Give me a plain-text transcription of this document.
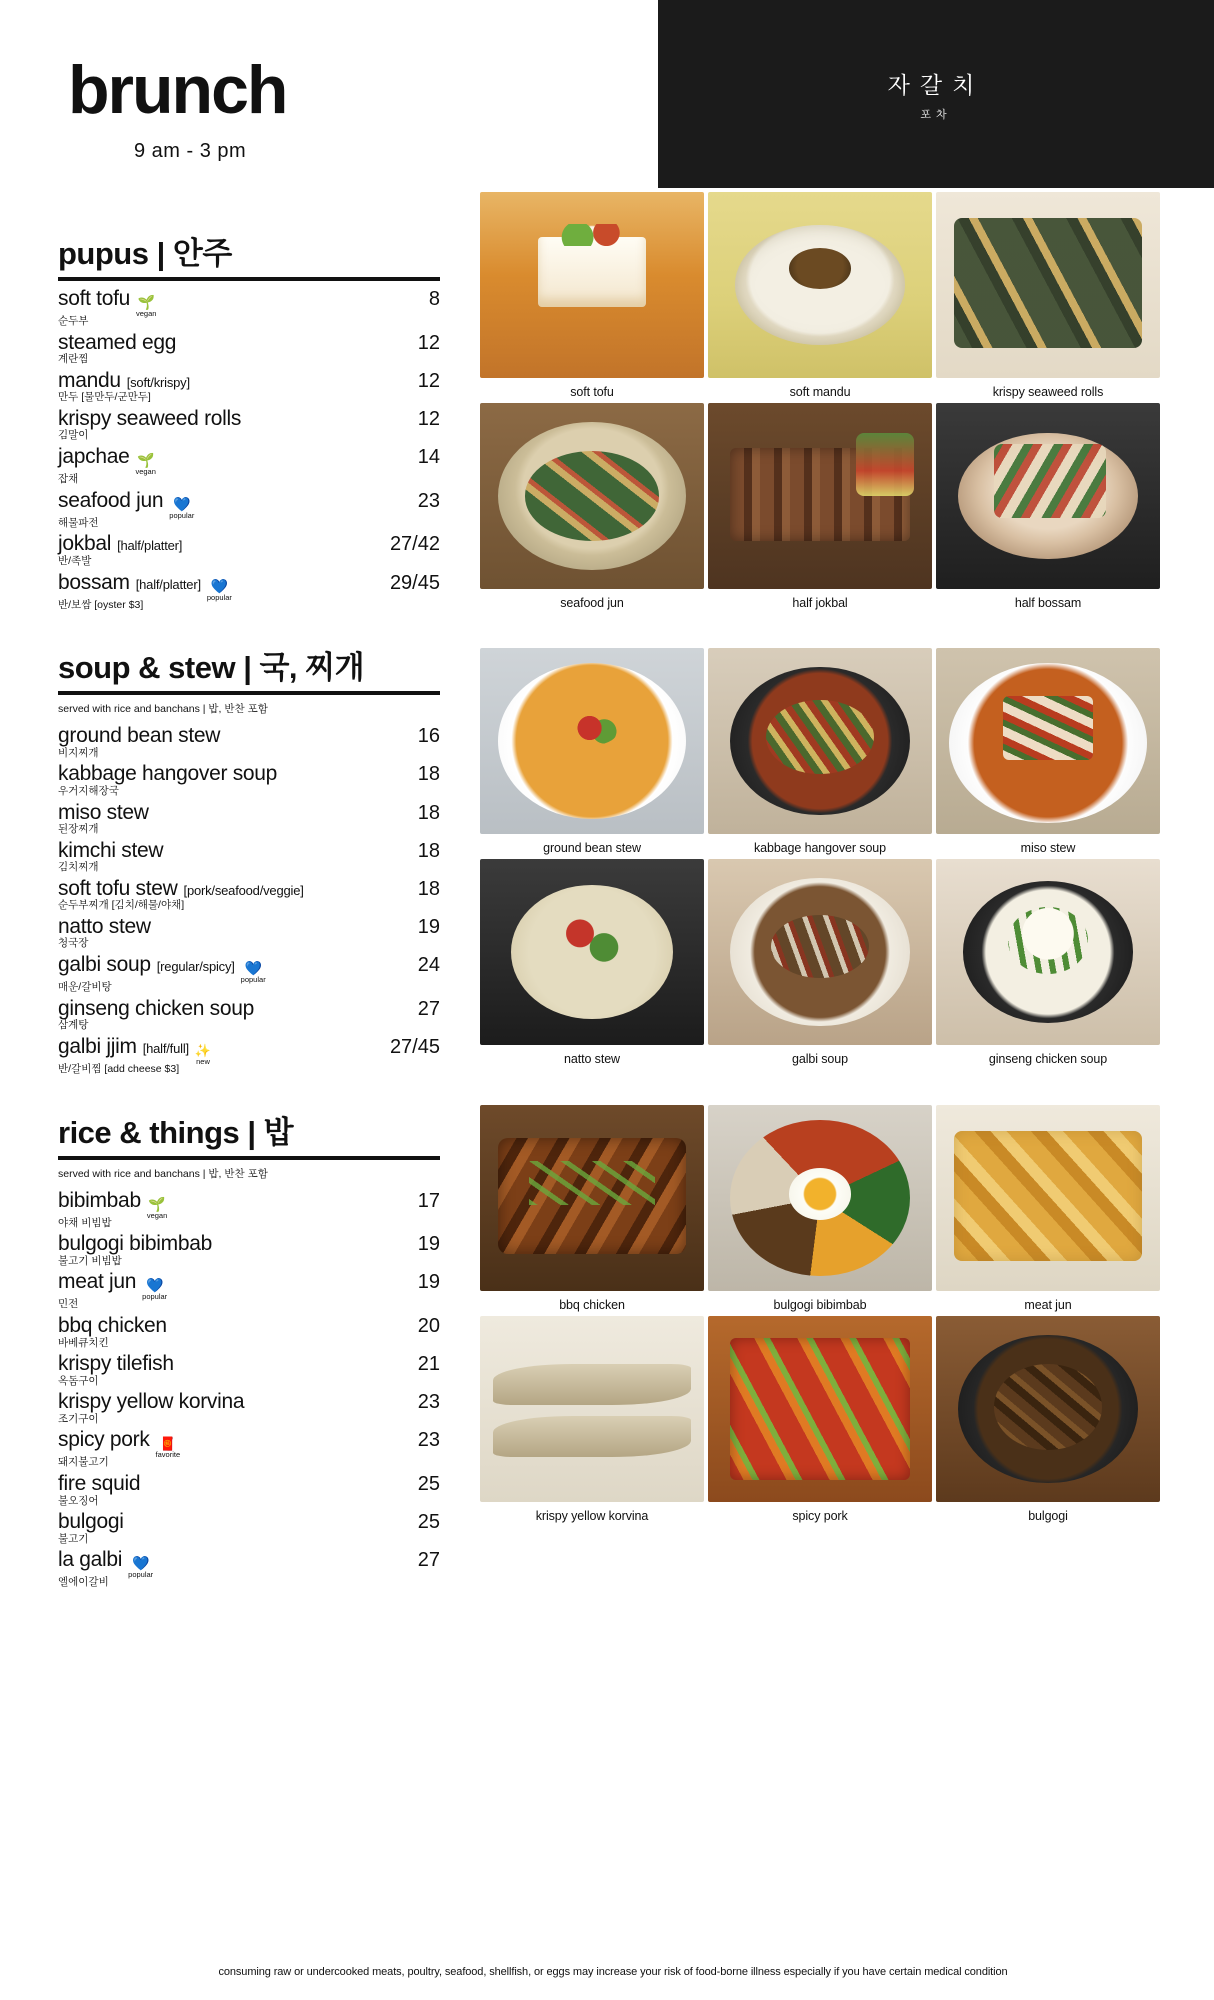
brunch
9 am - 3 pm
자갈치
포차
pupus | 안주
soft tofu 🌱
vegan
순두부
8
steamed egg
계란찜
12
mandu [soft/krispy]
만두 [물만두/군만두]
12
krispy seaweed rolls
김말이
12
japchae 🌱
vegan
잡채
14
seafood jun 💙
popular
해물파전
23
jokbal [half/platter]
반/족발
27/42
bossam [half/platter] 💙
popular
반/보쌈 [oyster $3]
29/45
soup & stew | 국, 찌개
served with rice and banchans | 밥, 반찬 포함
ground bean stew
비지찌개
16
kabbage hangover soup
우거지해장국
18
miso stew
된장찌개
18
kimchi stew
김치찌개
18
soft tofu stew [pork/seafood/veggie]
순두부찌개 [김치/해물/야채]
18
natto stew
청국장
19
galbi soup [regular/spicy] 💙
popular
매운/갈비탕
24
ginseng chicken soup
삼계탕
27
galbi jjim [half/full] ✨
new
반/갈비찜 [add cheese $3]
27/45
rice & things | 밥
served with rice and banchans | 밥, 반찬 포함
bibimbab 🌱
vegan
야채 비빔밥
17
bulgogi bibimbab
불고기 비빔밥
19
meat jun 💙
popular
민전
19
bbq chicken
바베큐치킨
20
krispy tilefish
옥돔구이
21
krispy yellow korvina
조기구이
23
spicy pork 🧧
favorite
돼지불고기
23
fire squid
불오징어
25
bulgogi
불고기
25
la galbi 💙
popular
엘에이갈비
27
soft tofu	soft mandu	krispy seaweed rolls
seafood jun	half jokbal	half bossam
ground bean stew	kabbage hangover soup	miso stew
natto stew	galbi soup	ginseng chicken soup
bbq chicken	bulgogi bibimbab	meat jun
krispy yellow korvina	spicy pork	bulgogi
consuming raw or undercooked meats, poultry, seafood, shellfish, or eggs may increase your risk of food-borne illness especially if you have certain medical condition
